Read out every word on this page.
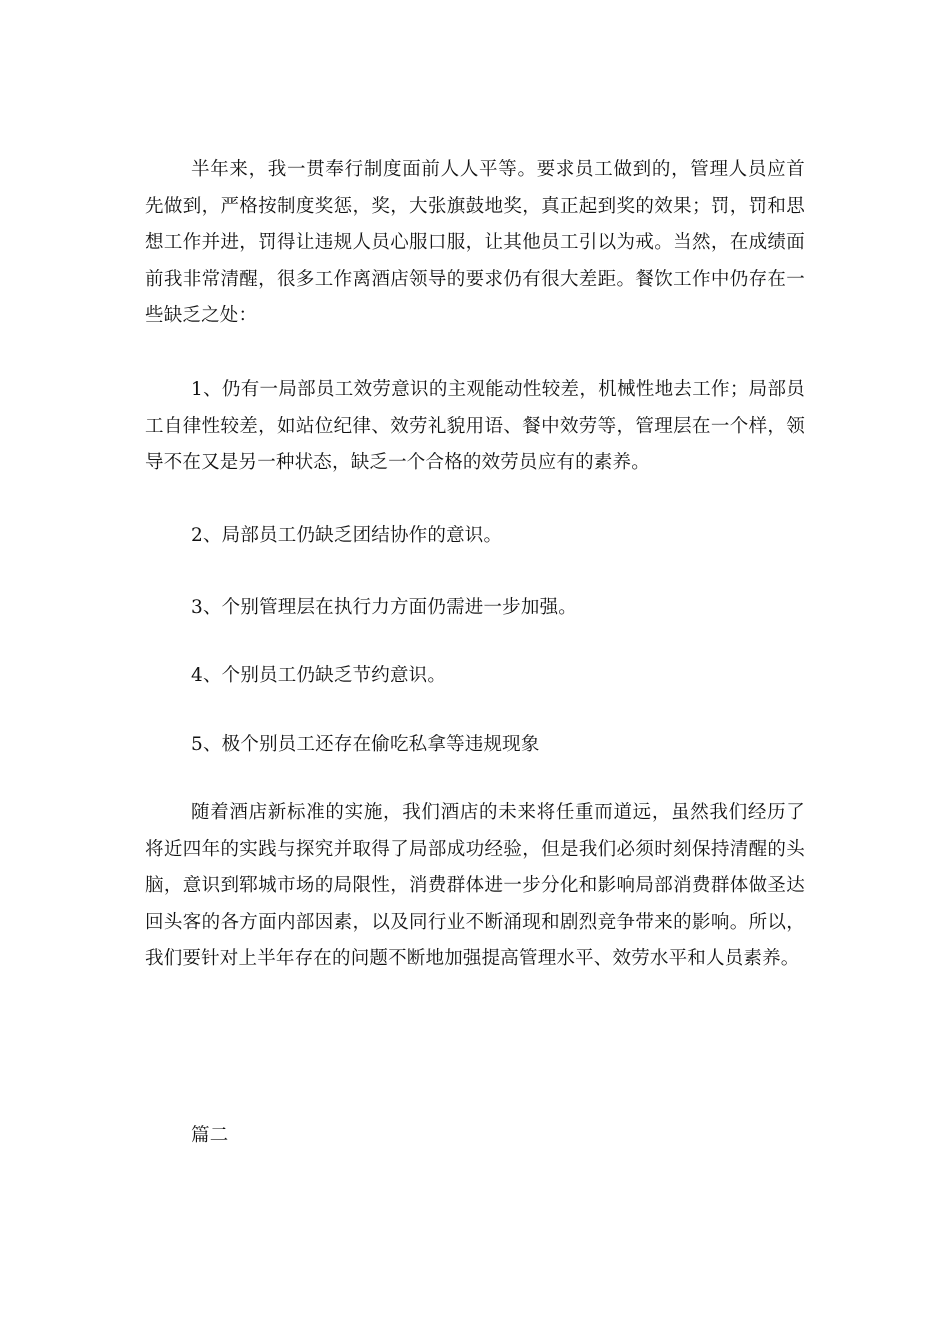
半年来，我一贯奉行制度面前人人平等。要求员工做到的，管理人员应首先做到，严格按制度奖惩，奖，大张旗鼓地奖，真正起到奖的效果；罚，罚和思想工作并进，罚得让违规人员心服口服，让其他员工引以为戒。当然，在成绩面前我非常清醒，很多工作离酒店领导的要求仍有很大差距。餐饮工作中仍存在一些缺乏之处：

1、仍有一局部员工效劳意识的主观能动性较差，机械性地去工作；局部员工自律性较差，如站位纪律、效劳礼貌用语、餐中效劳等，管理层在一个样，领导不在又是另一种状态，缺乏一个合格的效劳员应有的素养。

2、局部员工仍缺乏团结协作的意识。

3、个别管理层在执行力方面仍需进一步加强。

4、个别员工仍缺乏节约意识。

5、极个别员工还存在偷吃私拿等违规现象

随着酒店新标准的实施，我们酒店的未来将任重而道远，虽然我们经历了将近四年的实践与探究并取得了局部成功经验，但是我们必须时刻保持清醒的头脑，意识到郓城市场的局限性，消费群体进一步分化和影响局部消费群体做圣达回头客的各方面内部因素，以及同行业不断涌现和剧烈竞争带来的影响。所以，我们要针对上半年存在的问题不断地加强提高管理水平、效劳水平和人员素养。

篇二
